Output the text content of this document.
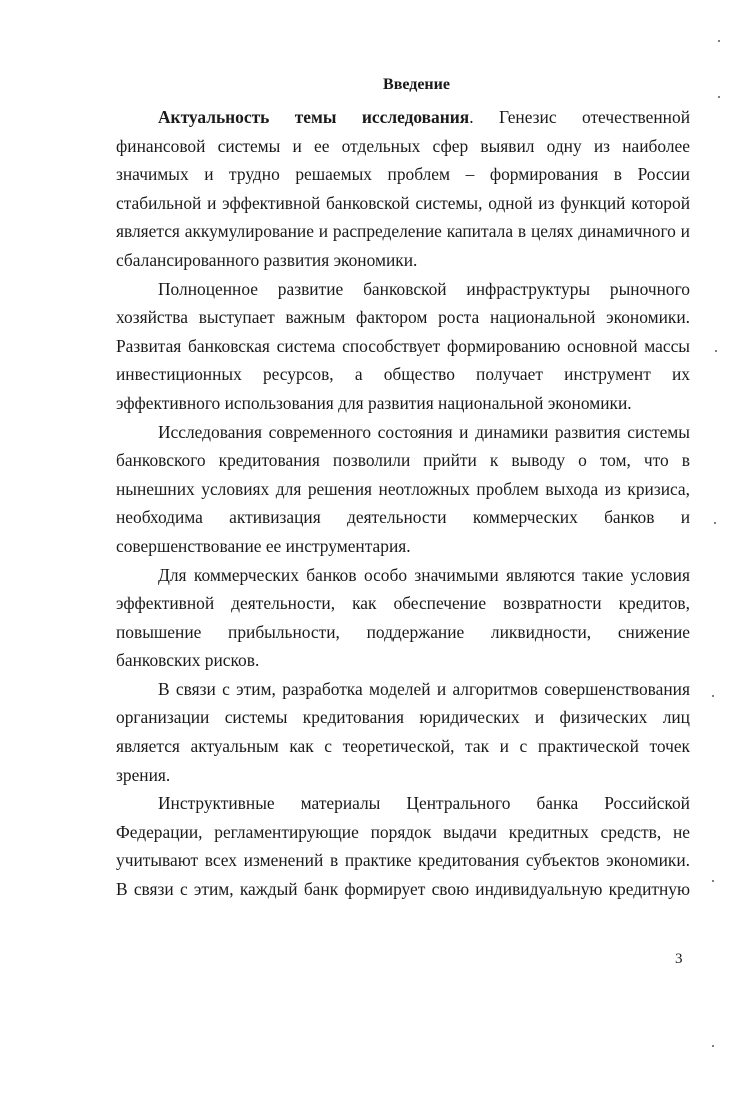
Введение

Актуальность темы исследования. Генезис отечественной
финансовой системы и ее отдельных сфер выявил одну из наиболее
значимых и трудно решаемых проблем – формирования в России
стабильной и эффективной банковской системы, одной из функций которой
является аккумулирование и распределение капитала в целях динамичного и
сбалансированного развития экономики.

Полноценное развитие банковской инфраструктуры рыночного
хозяйства выступает важным фактором роста национальной экономики.
Развитая банковская система способствует формированию основной массы
инвестиционных ресурсов, а общество получает инструмент их
эффективного использования для развития национальной экономики.

Исследования современного состояния и динамики развития системы
банковского кредитования позволили прийти к выводу о том, что в
нынешних условиях для решения неотложных проблем выхода из кризиса,
необходима активизация деятельности коммерческих банков и
совершенствование ее инструментария.

Для коммерческих банков особо значимыми являются такие условия
эффективной деятельности, как обеспечение возвратности кредитов,
повышение прибыльности, поддержание ликвидности, снижение
банковских рисков.

В связи с этим, разработка моделей и алгоритмов совершенствования
организации системы кредитования юридических и физических лиц
является актуальным как с теоретической, так и с практической точек
зрения.

Инструктивные материалы Центрального банка Российской
Федерации, регламентирующие порядок выдачи кредитных средств, не
учитывают всех изменений в практике кредитования субъектов экономики.
В связи с этим, каждый банк формирует свою индивидуальную кредитную

3
